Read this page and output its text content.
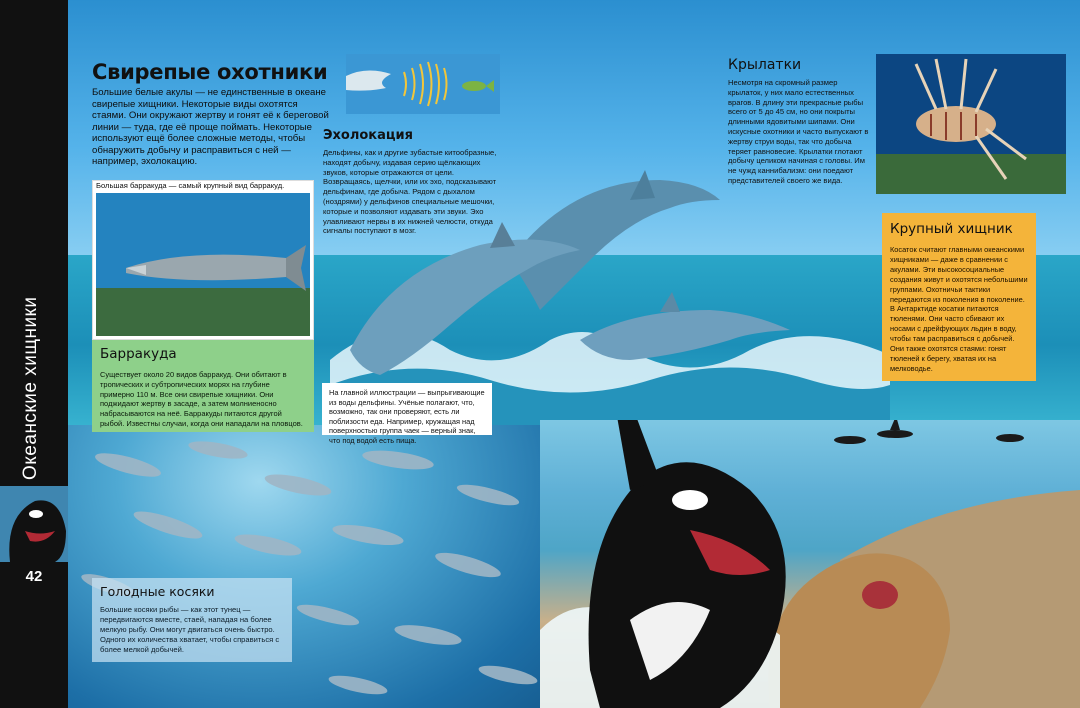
Океанские хищники
42
Свирепые охотники
Большие белые акулы — не единственные в океане свирепые хищники. Некоторые виды охотятся стаями. Они окружают жертву и гонят её к береговой линии — туда, где её проще поймать. Некоторые используют ещё более сложные методы, чтобы обнаружить добычу и расправиться с ней — например, эхолокацию.
Эхолокация
Дельфины, как и другие зубастые китообразные, находят добычу, издавая серию щёлкающих звуков, которые отражаются от цели. Возвращаясь, щелчки, или их эхо, подсказывают дельфинам, где добыча. Рядом с дыхалом (ноздрями) у дельфинов специальные мешочки, которые и позволяют издавать эти звуки. Эхо улавливают нервы в их нижней челюсти, откуда сигналы поступают в мозг.
Крылатки
Несмотря на скромный размер крылаток, у них мало естественных врагов. В длину эти прекрасные рыбы всего от 5 до 45 см, но они покрыты длинными ядовитыми шипами. Они искусные охотники и часто выпускают в жертву струи воды, так что добыча теряет равновесие. Крылатки глотают добычу целиком начиная с головы. Им не чужд каннибализм: они поедают представителей своего же вида.
Крупный хищник
Косаток считают главными океанскими хищниками — даже в сравнении с акулами. Эти высокосоциальные создания живут и охотятся небольшими группами. Охотничьи тактики передаются из поколения в поколение. В Антарктиде косатки питаются тюленями. Они часто сбивают их носами с дрейфующих льдин в воду, чтобы там расправиться с добычей. Они также охотятся стаями: гонят тюленей к берегу, хватая их на мелководье.
Большая барракуда — самый крупный вид барракуд.
Барракуда
Существует около 20 видов барракуд. Они обитают в тропических и субтропических морях на глубине примерно 110 м. Все они свирепые хищники. Они поджидают жертву в засаде, а затем молниеносно набрасываются на неё. Барракуды питаются другой рыбой. Известны случаи, когда они нападали на пловцов.
На главной иллюстрации — выпрыгивающие из воды дельфины. Учёные полагают, что, возможно, так они проверяют, есть ли поблизости еда. Например, кружащая над поверхностью группа чаек — верный знак, что под водой есть пища.
Голодные косяки
Большие косяки рыбы — как этот тунец — передвигаются вместе, стаей, нападая на более мелкую рыбу. Они могут двигаться очень быстро. Одного их количества хватает, чтобы справиться с более мелкой добычей.
